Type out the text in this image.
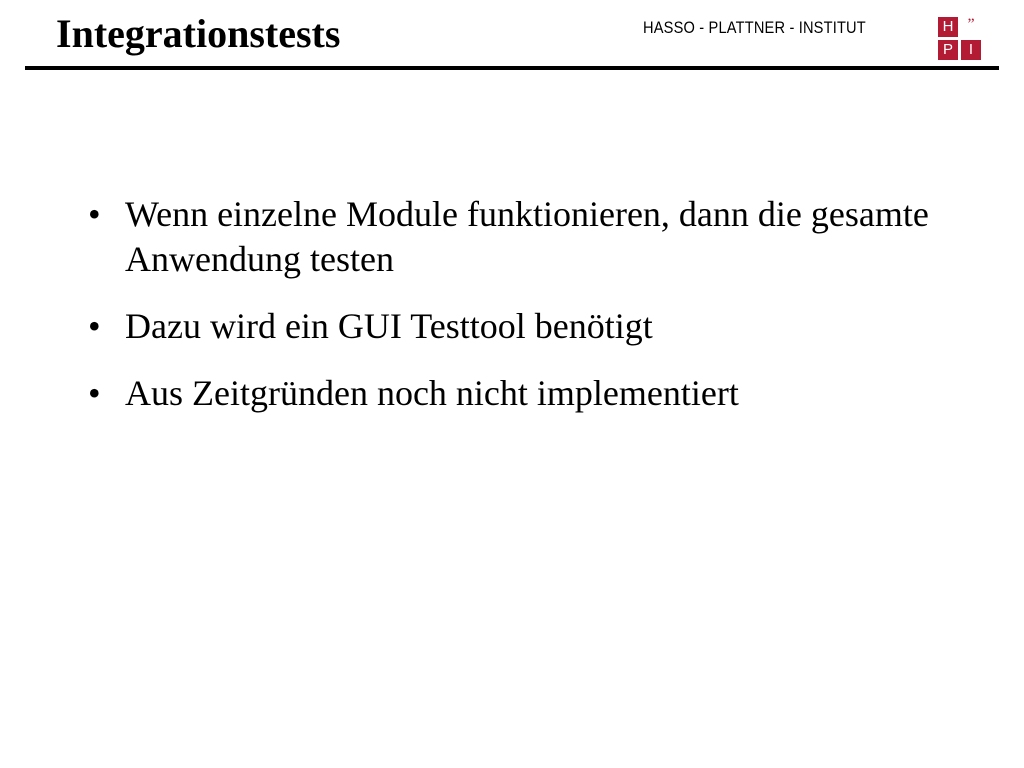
Integrationstests	HASSO - PLATTNER - INSTITUT	H ”
P	I
• Wenn einzelne Module funktionieren, dann die gesamte Anwendung testen
• Dazu wird ein GUI Testtool benötigt
• Aus Zeitgründen noch nicht implementiert
